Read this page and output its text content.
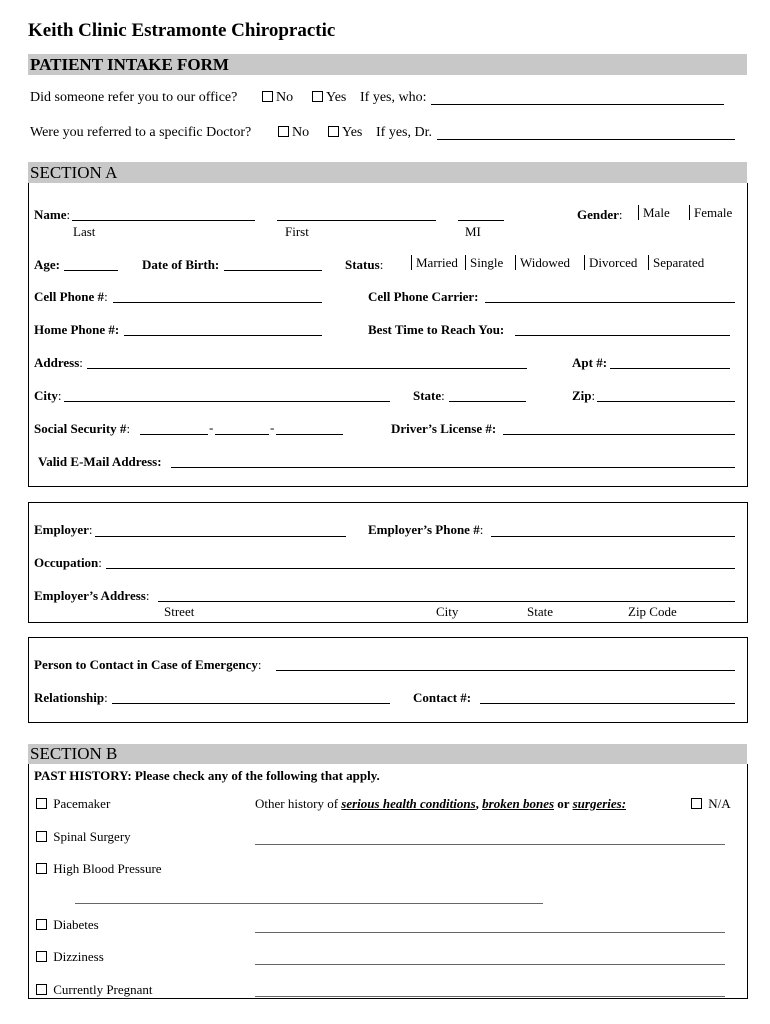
Keith Clinic Estramonte Chiropractic
PATIENT INTAKE FORM
Did someone refer you to our office?	No	Yes If yes, who:
Were you referred to a specific Doctor?	No	Yes If yes, Dr.
SECTION A
Name:
Last	First	MI
Gender:	Male	Female
Age:	Date of Birth:	Status:	Married Single	Widowed	Divorced	Separated
Cell Phone #:	Cell Phone Carrier:
Home Phone #:	Best Time to Reach You:
Address:	Apt #:
City:	State:	Zip:
Social Security #:	-	-	Driver’s License #:
Valid E-Mail Address:
Employer:	Employer’s Phone #:
Occupation:
Employer’s Address:
Street	City	State	Zip Code
Person to Contact in Case of Emergency:
Relationship:	Contact #:
SECTION B
PAST HISTORY: Please check any of the following that apply.
Pacemaker
Spinal Surgery
High Blood Pressure
Diabetes
Dizziness
Currently Pregnant
Other history of serious health conditions, broken bones or surgeries:	N/A
